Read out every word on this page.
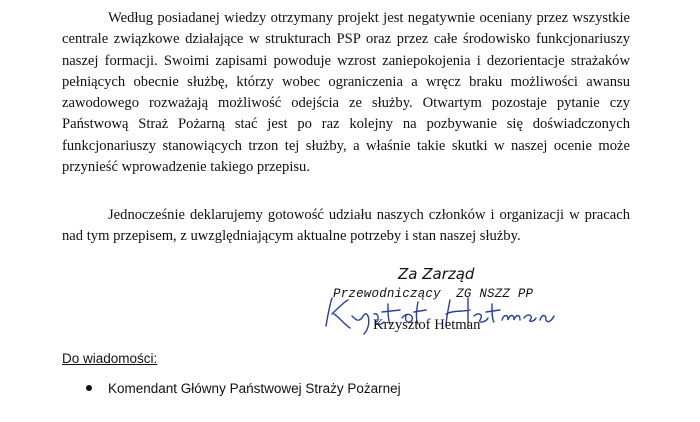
Według posiadanej wiedzy otrzymany projekt jest negatywnie oceniany przez wszystkie centrale związkowe działające w strukturach PSP oraz przez całe środowisko funkcjonariuszy naszej formacji. Swoimi zapisami powoduje wzrost zaniepokojenia i dezorientacje strażaków pełniących obecnie służbę, którzy wobec ograniczenia a wręcz braku możliwości awansu zawodowego rozważają możliwość odejścia ze służby. Otwartym pozostaje pytanie czy Państwową Straż Pożarną stać jest po raz kolejny na pozbywanie się doświadczonych funkcjonariuszy stanowiących trzon tej służby, a właśnie takie skutki w naszej ocenie może przynieść wprowadzenie takiego przepisu.

Jednocześnie deklarujemy gotowość udziału naszych członków i organizacji w pracach nad tym przepisem, z uwzględniającym aktualne potrzeby i stan naszej służby.

Za Zarząd
Przewodniczący  ZG NSZZ PP
Krzysztof Hetman
Do wiadomości:
Komendant Główny Państwowej Straży Pożarnej
